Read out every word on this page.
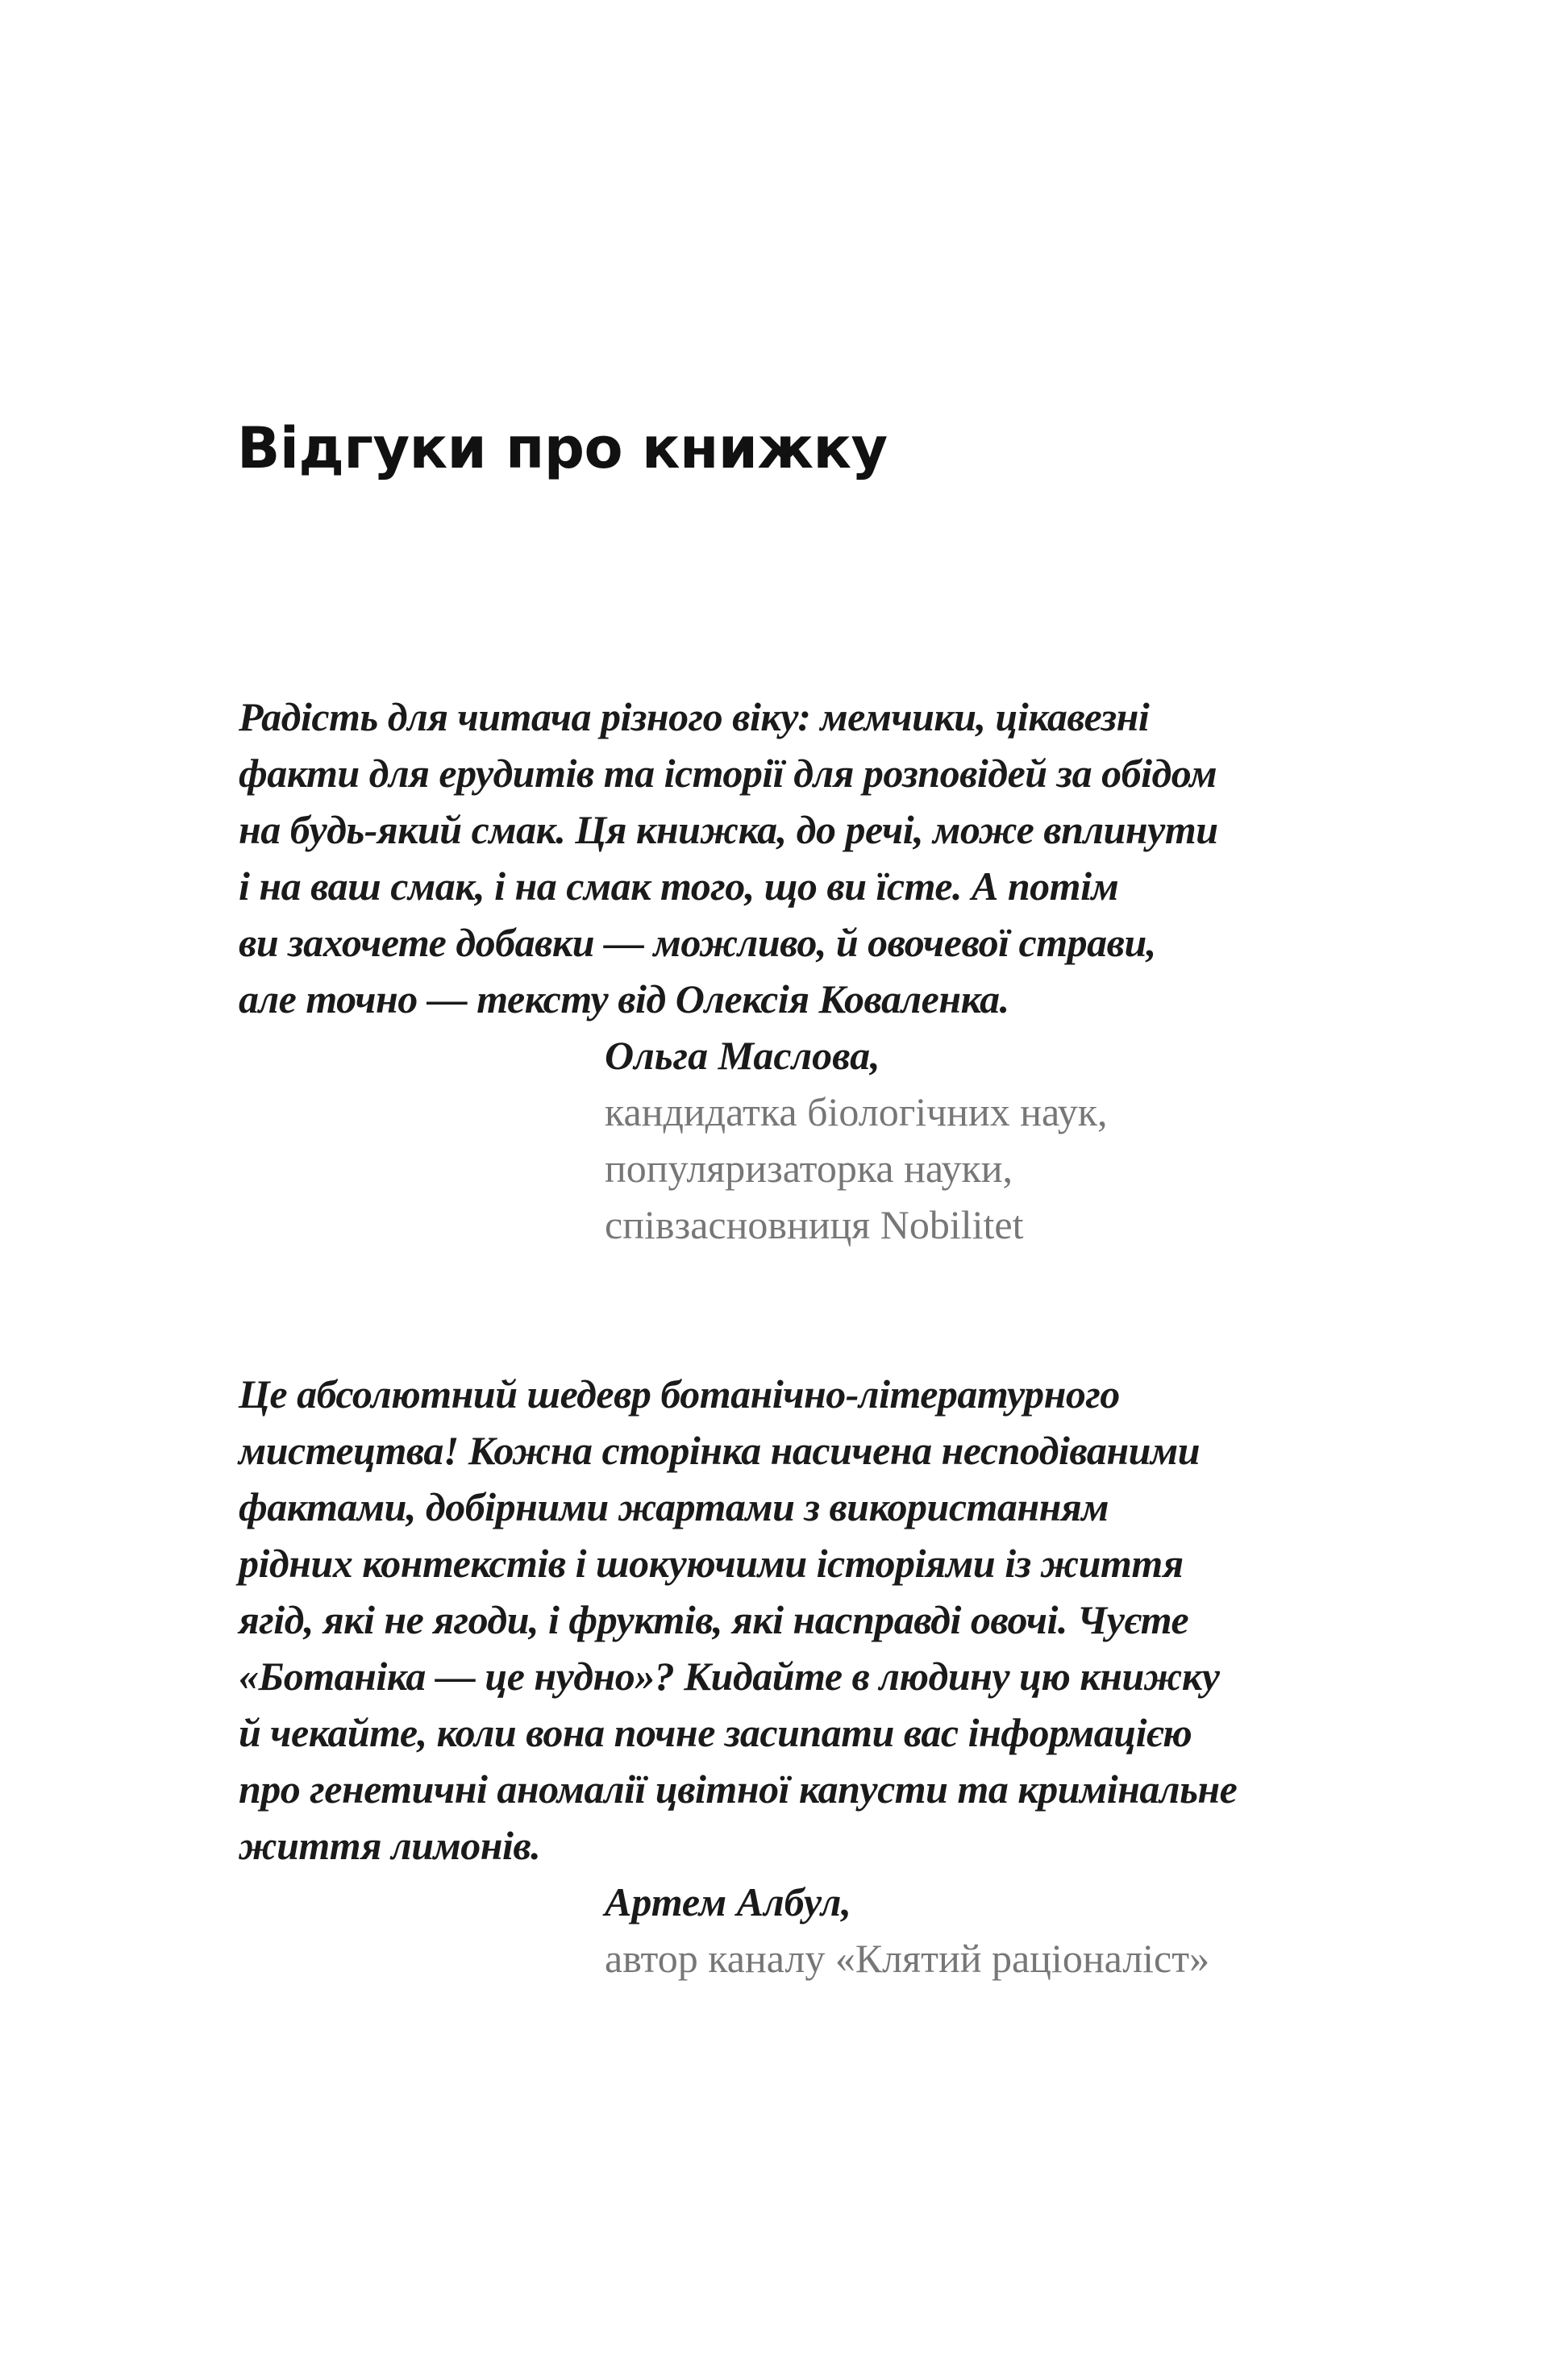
Відгуки про книжку
Радість для читача різного віку: мемчики, цікавезні
факти для ерудитів та історії для розповідей за обідом
на будь-який смак. Ця книжка, до речі, може вплинути
і на ваш смак, і на смак того, що ви їсте. А потім
ви захочете добавки — можливо, й овочевої страви,
але точно — тексту від Олексія Коваленка.
Ольга Маслова,
кандидатка біологічних наук,
популяризаторка науки,
співзасновниця Nobilitet
Це абсолютний шедевр ботанічно-літературного
мистецтва! Кожна сторінка насичена несподіваними
фактами, добірними жартами з використанням
рідних контекстів і шокуючими історіями із життя
ягід, які не ягоди, і фруктів, які насправді овочі. Чуєте
«Ботаніка — це нудно»? Кидайте в людину цю книжку
й чекайте, коли вона почне засипати вас інформацією
про генетичні аномалії цвітної капусти та кримінальне
життя лимонів.
Артем Албул,
автор каналу «Клятий раціоналіст»
